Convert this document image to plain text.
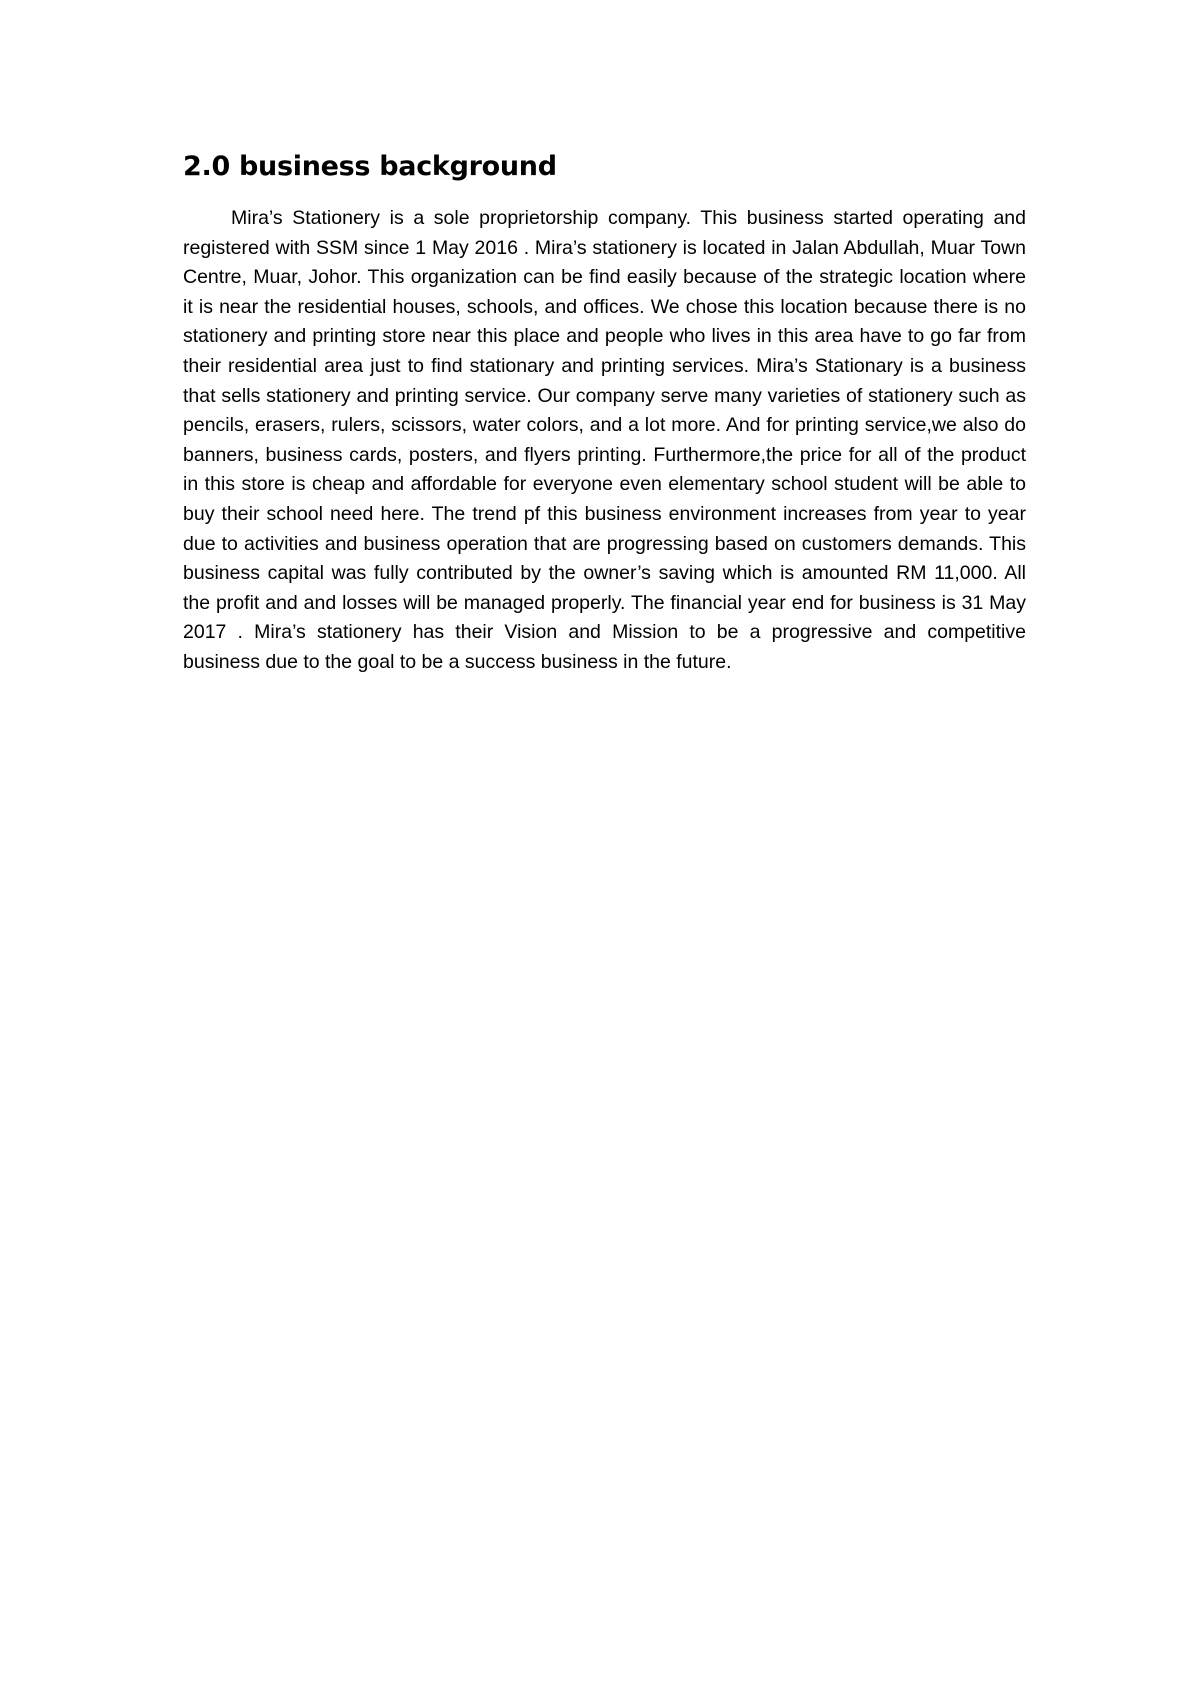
2.0 business background

Mira’s Stationery is a sole proprietorship company. This business started operating and registered with SSM since 1 May 2016 . Mira’s stationery is located in Jalan Abdullah, Muar Town Centre, Muar, Johor. This organization can be find easily because of the strategic location where it is near the residential houses, schools, and offices. We chose this location because there is no stationery and printing store near this place and people who lives in this area have to go far from their residential area just to find stationary and printing services. Mira’s Stationary is a business that sells stationery and printing service. Our company serve many varieties of stationery such as pencils, erasers, rulers, scissors, water colors, and a lot more. And for printing service,we also do banners, business cards, posters, and flyers printing. Furthermore,the price for all of the product in this store is cheap and affordable for everyone even elementary school student will be able to buy their school need here. The trend pf this business environment increases from year to year due to activities and business operation that are progressing based on customers demands. This business capital was fully contributed by the owner’s saving which is amounted RM 11,000. All the profit and and losses will be managed properly. The financial year end for business is 31 May 2017 . Mira’s stationery has their Vision and Mission to be a progressive and competitive business due to the goal to be a success business in the future.
